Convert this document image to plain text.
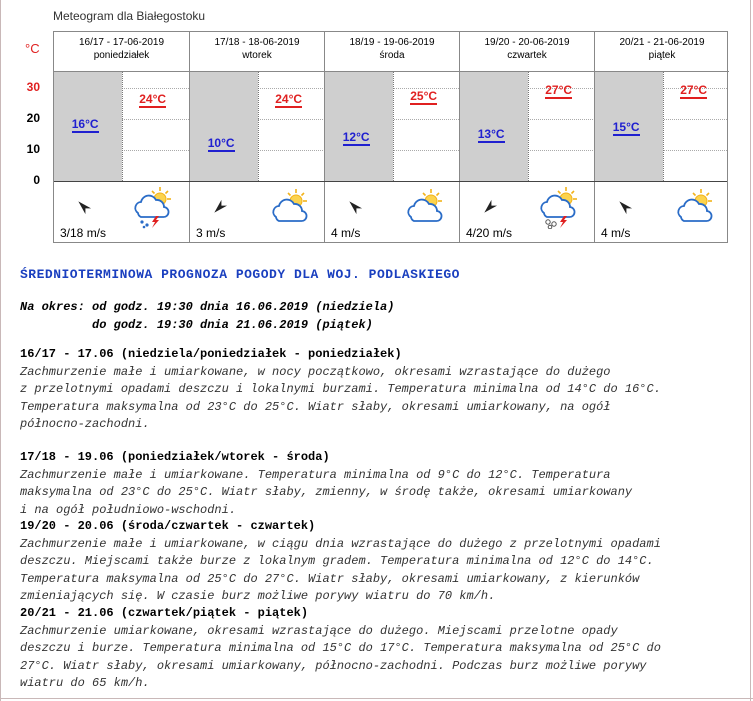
Meteogram dla Białegostoku
°C
30
20
10
0
16/17 - 17-06-2019
poniedziałek
16°C
24°C
3/18 m/s
17/18 - 18-06-2019
wtorek
10°C
24°C
3 m/s
18/19 - 19-06-2019
środa
12°C
25°C
4 m/s
19/20 - 20-06-2019
czwartek
13°C
27°C
4/20 m/s
20/21 - 21-06-2019
piątek
15°C
27°C
4 m/s
ŚREDNIOTERMINOWA PROGNOZA POGODY DLA WOJ. PODLASKIEGO
Na okres: od godz. 19:30 dnia 16.06.2019 (niedziela)
do godz. 19:30 dnia 21.06.2019 (piątek)
16/17 - 17.06 (niedziela/poniedziałek - poniedziałek)
Zachmurzenie małe i umiarkowane, w nocy początkowo, okresami wzrastające do dużego
z przelotnymi opadami deszczu i lokalnymi burzami. Temperatura minimalna od 14°C do 16°C.
Temperatura maksymalna od 23°C do 25°C. Wiatr słaby, okresami umiarkowany, na ogół
północno-zachodni.
17/18 - 19.06 (poniedziałek/wtorek - środa)
Zachmurzenie małe i umiarkowane. Temperatura minimalna od 9°C do 12°C. Temperatura
maksymalna od 23°C do 25°C. Wiatr słaby, zmienny, w środę także, okresami umiarkowany
i na ogół południowo-wschodni.
19/20 - 20.06 (środa/czwartek - czwartek)
Zachmurzenie małe i umiarkowane, w ciągu dnia wzrastające do dużego z przelotnymi opadami
deszczu. Miejscami także burze z lokalnym gradem. Temperatura minimalna od 12°C do 14°C.
Temperatura maksymalna od 25°C do 27°C. Wiatr słaby, okresami umiarkowany, z kierunków
zmieniających się. W czasie burz możliwe porywy wiatru do 70 km/h.
20/21 - 21.06 (czwartek/piątek - piątek)
Zachmurzenie umiarkowane, okresami wzrastające do dużego. Miejscami przelotne opady
deszczu i burze. Temperatura minimalna od 15°C do 17°C. Temperatura maksymalna od 25°C do
27°C. Wiatr słaby, okresami umiarkowany, północno-zachodni. Podczas burz możliwe porywy
wiatru do 65 km/h.
